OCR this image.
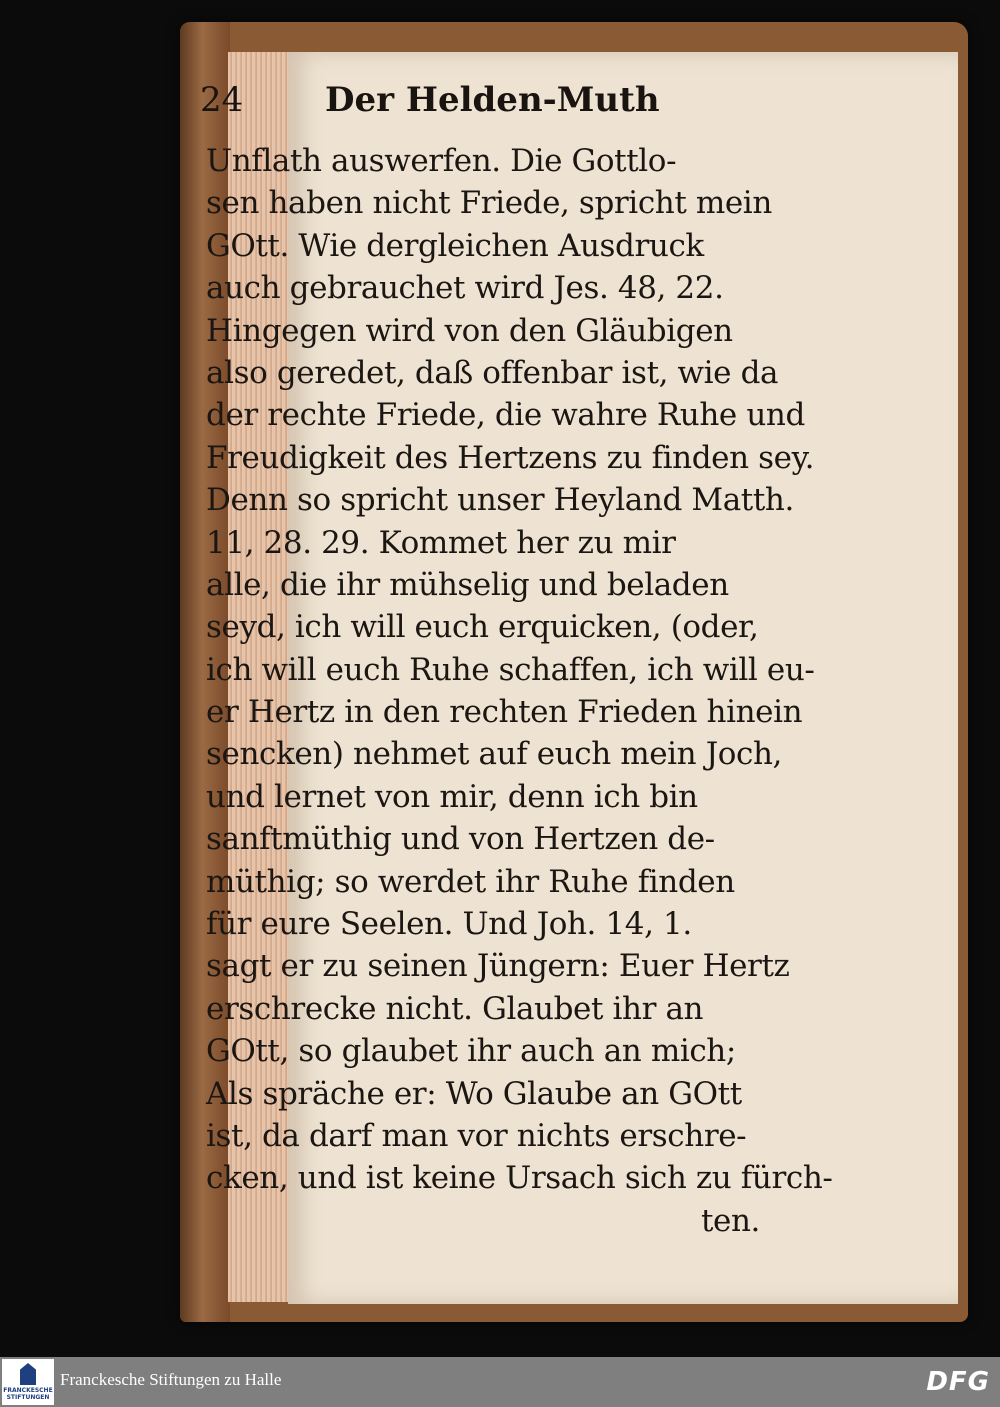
24 Der Helden-Muth
Unflath auswerfen. Die Gottlo-
sen haben nicht Friede, spricht mein
GOtt. Wie dergleichen Ausdruck
auch gebrauchet wird Jes. 48, 22.
Hingegen wird von den Gläubigen
also geredet, daß offenbar ist, wie da
der rechte Friede, die wahre Ruhe und
Freudigkeit des Hertzens zu finden sey.
Denn so spricht unser Heyland Matth.
11, 28. 29. Kommet her zu mir
alle, die ihr mühselig und beladen
seyd, ich will euch erquicken, (oder,
ich will euch Ruhe schaffen, ich will eu-
er Hertz in den rechten Frieden hinein
sencken) nehmet auf euch mein Joch,
und lernet von mir, denn ich bin
sanftmüthig und von Hertzen de-
müthig; so werdet ihr Ruhe finden
für eure Seelen. Und Joh. 14, 1.
sagt er zu seinen Jüngern: Euer Hertz
erschrecke nicht. Glaubet ihr an
GOtt, so glaubet ihr auch an mich;
Als spräche er: Wo Glaube an GOtt
ist, da darf man vor nichts erschre-
cken, und ist keine Ursach sich zu fürch-
ten.
FRANCKESCHE STIFTUNGEN
Franckesche Stiftungen zu Halle	DFG
